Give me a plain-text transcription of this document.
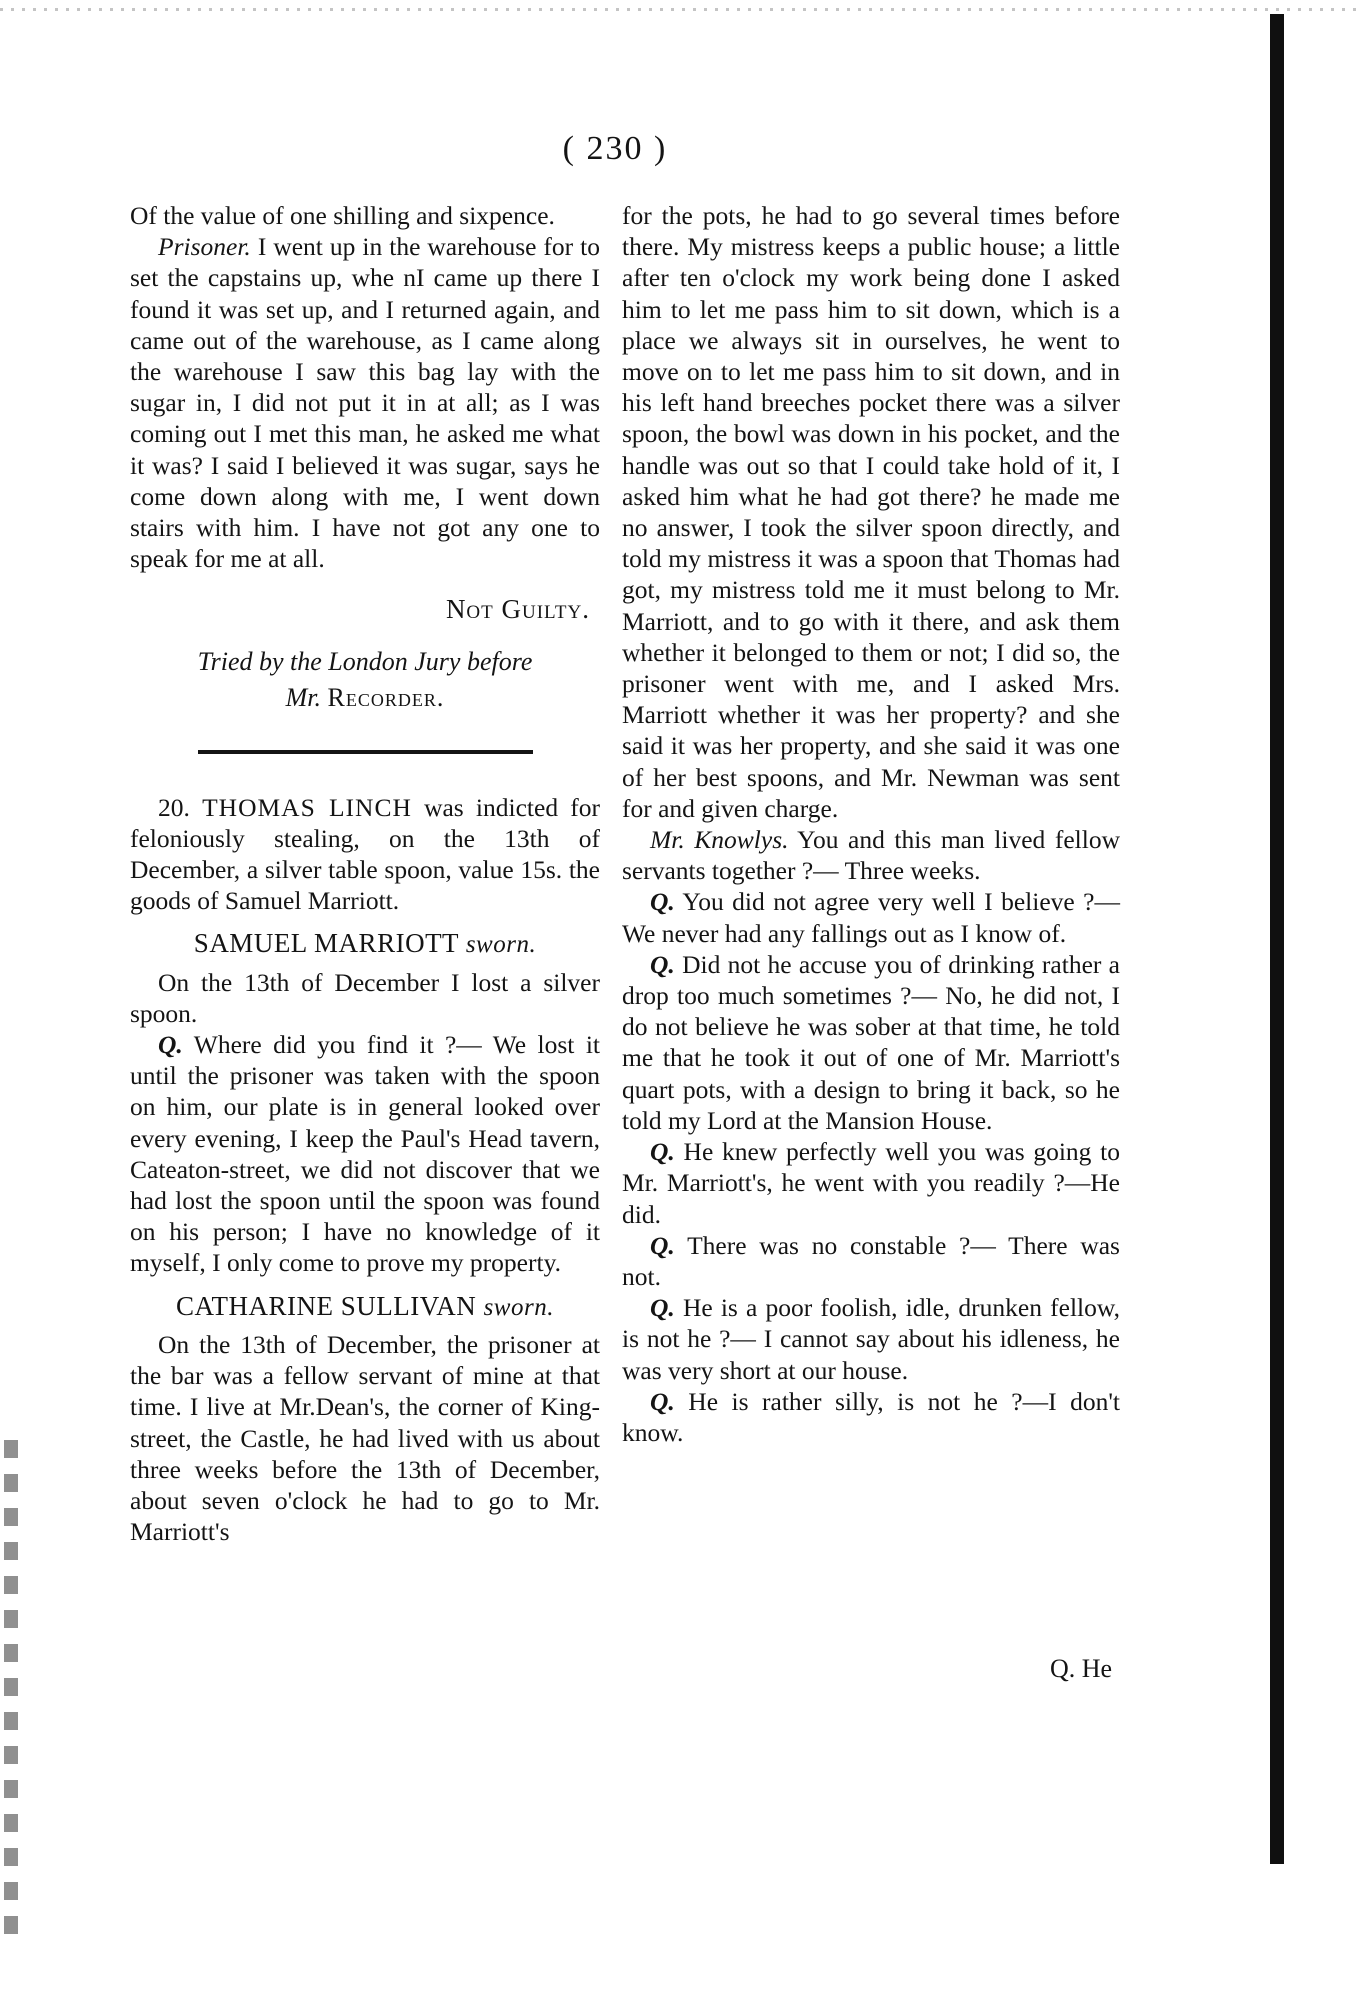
( 230 )

Of the value of one shilling and sixpence.

Prisoner. I went up in the warehouse for to set the capstains up, whe nI came up there I found it was set up, and I returned again, and came out of the warehouse, as I came along the warehouse I saw this bag lay with the sugar in, I did not put it in at all; as I was coming out I met this man, he asked me what it was? I said I believed it was sugar, says he come down along with me, I went down stairs with him. I have not got any one to speak for me at all.

Not Guilty.

Tried by the London Jury before

Mr. Recorder.

20. THOMAS LINCH was indicted for feloniously stealing, on the 13th of December, a silver table spoon, value 15s. the goods of Samuel Marriott.

SAMUEL MARRIOTT sworn.

On the 13th of December I lost a silver spoon.

Q. Where did you find it ?— We lost it until the prisoner was taken with the spoon on him, our plate is in general looked over every evening, I keep the Paul's Head tavern, Cateaton-street, we did not discover that we had lost the spoon until the spoon was found on his person; I have no knowledge of it myself, I only come to prove my property.

CATHARINE SULLIVAN sworn.

On the 13th of December, the prisoner at the bar was a fellow servant of mine at that time. I live at Mr.Dean's, the corner of King-street, the Castle, he had lived with us about three weeks before the 13th of December, about seven o'clock he had to go to Mr. Marriott's

for the pots, he had to go several times before there. My mistress keeps a public house; a little after ten o'clock my work being done I asked him to let me pass him to sit down, which is a place we always sit in ourselves, he went to move on to let me pass him to sit down, and in his left hand breeches pocket there was a silver spoon, the bowl was down in his pocket, and the handle was out so that I could take hold of it, I asked him what he had got there? he made me no answer, I took the silver spoon directly, and told my mistress it was a spoon that Thomas had got, my mistress told me it must belong to Mr. Marriott, and to go with it there, and ask them whether it belonged to them or not; I did so, the prisoner went with me, and I asked Mrs. Marriott whether it was her property? and she said it was her property, and she said it was one of her best spoons, and Mr. Newman was sent for and given charge.

Mr. Knowlys. You and this man lived fellow servants together ?— Three weeks.

Q. You did not agree very well I believe ?—We never had any fallings out as I know of.

Q. Did not he accuse you of drinking rather a drop too much sometimes ?— No, he did not, I do not believe he was sober at that time, he told me that he took it out of one of Mr. Marriott's quart pots, with a design to bring it back, so he told my Lord at the Mansion House.

Q. He knew perfectly well you was going to Mr. Marriott's, he went with you readily ?—He did.

Q. There was no constable ?— There was not.

Q. He is a poor foolish, idle, drunken fellow, is not he ?— I cannot say about his idleness, he was very short at our house.

Q. He is rather silly, is not he ?—I don't know.

Q. He
